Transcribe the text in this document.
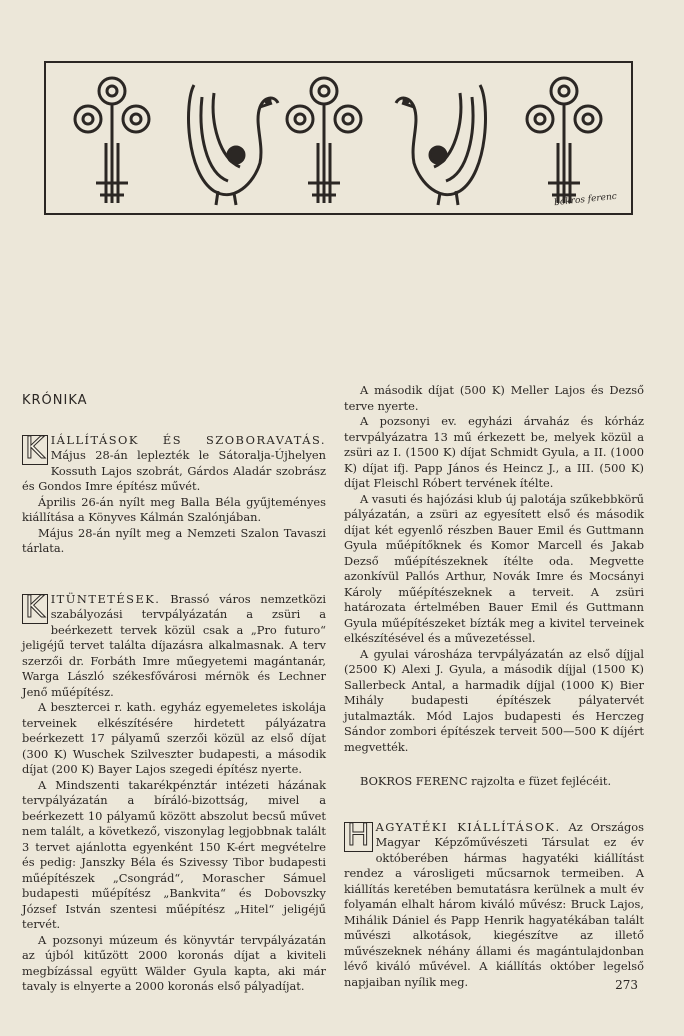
bokros ferenc
KRÓNIKA

K IÁLLÍTÁSOK ÉS SZOBORAVATÁS. Május 28-án leplezték le Sátoralja-Újhelyen Kossuth Lajos szobrát, Gárdos Aladár szobrász és Gondos Imre építész művét.

Április 26-án nyílt meg Balla Béla gyűjteményes kiállítása a Könyves Kálmán Szalónjában.

Május 28-án nyílt meg a Nemzeti Szalon Tavaszi tárlata.

K ITÜNTETÉSEK. Brassó város nemzetközi szabályozási tervpályázatán a zsüri a beérkezett tervek közül csak a „Pro futuro“ jeligéjű tervet találta díjazásra alkalmasnak. A terv szerzői dr. Forbáth Imre műegyetemi magántanár, Warga László székesfővárosi mérnök és Lechner Jenő műépítész.

A besztercei r. kath. egyház egyemeletes iskolája terveinek elkészítésére hirdetett pályázatra beérkezett 17 pályamű szerzői közül az első díjat (300 K) Wuschek Szilveszter budapesti, a második díjat (200 K) Bayer Lajos szegedi építész nyerte.

A Mindszenti takarékpénztár intézeti házának tervpályázatán a bíráló-bizottság, mivel a beérkezett 10 pályamű között abszolut becsű művet nem talált, a következő, viszonylag legjobbnak talált 3 tervet ajánlotta egyenként 150 K-ért megvételre és pedig: Janszky Béla és Szivessy Tibor budapesti műépítészek „Csongrád“, Morascher Sámuel budapesti műépítész „Bankvita“ és Dobovszky József István szentesi műépítész „Hitel“ jeligéjű tervét.

A pozsonyi múzeum és könyvtár tervpályázatán az újból kitűzött 2000 koronás díjat a kiviteli megbízással együtt Wälder Gyula kapta, aki már tavaly is elnyerte a 2000 koronás első pályadíjat.

A második díjat (500 K) Meller Lajos és Dezső terve nyerte.

A pozsonyi ev. egyházi árvaház és kórház tervpályázatra 13 mű érkezett be, melyek közül a zsüri az I. (1500 K) díjat Schmidt Gyula, a II. (1000 K) díjat ifj. Papp János és Heincz J., a III. (500 K) díjat Fleischl Róbert tervének ítélte.

A vasuti és hajózási klub új palotája szűkebbkörű pályázatán, a zsüri az egyesített első és második díjat két egyenlő részben Bauer Emil és Guttmann Gyula műépítőknek és Komor Marcell és Jakab Dezső műépítészeknek ítélte oda. Megvette azonkívül Pallós Arthur, Novák Imre és Mocsányi Károly műépítészeknek a terveit. A zsüri határozata értelmében Bauer Emil és Guttmann Gyula műépítészeket bízták meg a kivitel terveinek elkészítésével és a művezetéssel.

A gyulai városháza tervpályázatán az első díjjal (2500 K) Alexi J. Gyula, a második díjjal (1500 K) Sallerbeck Antal, a harmadik díjjal (1000 K) Bier Mihály budapesti építészek pályatervét jutalmazták. Mód Lajos budapesti és Herczeg Sándor zombori építészek terveit 500—500 K díjért megvették.

BOKROS FERENC rajzolta e füzet fejlécéit.

H AGYATÉKI KIÁLLÍTÁSOK. Az Országos Magyar Képzőművészeti Társulat ez év októberében hármas hagyatéki kiállítást rendez a városligeti műcsarnok termeiben. A kiállítás keretében bemutatásra kerülnek a mult év folyamán elhalt három kiváló művész: Bruck Lajos, Mihálik Dániel és Papp Henrik hagyatékában talált művészi alkotások, kiegészítve az illető művészeknek néhány állami és magántulajdonban lévő kiváló művével. A kiállítás október legelső napjaiban nyílik meg.	273
